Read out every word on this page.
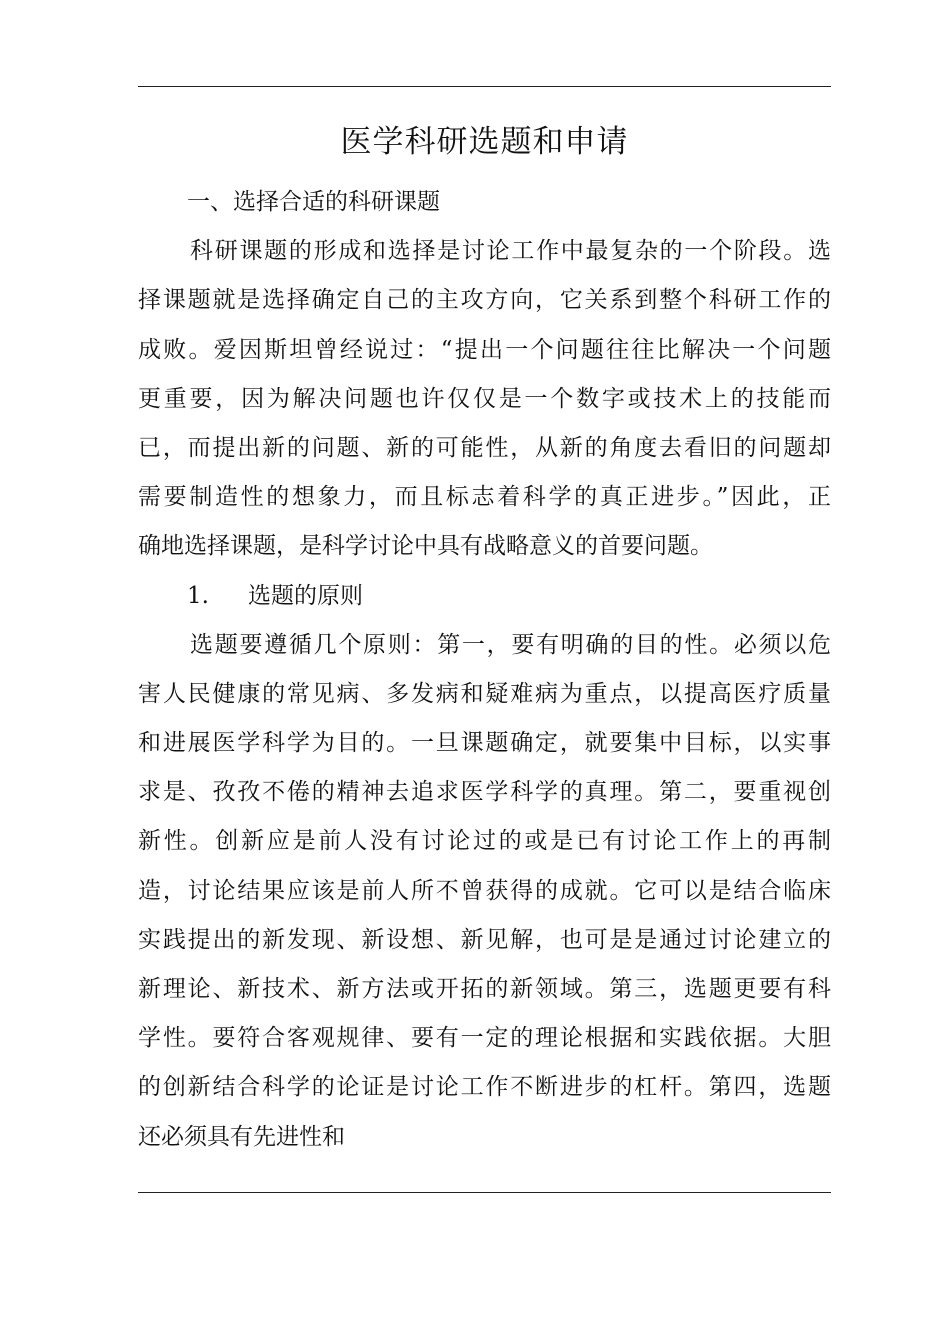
医学科研选题和申请
一、选择合适的科研课题
科研课题的形成和选择是讨论工作中最复杂的一个阶段。选
择课题就是选择确定自己的主攻方向，它关系到整个科研工作的
成败。爱因斯坦曾经说过：“提出一个问题往往比解决一个问题
更重要，因为解决问题也许仅仅是一个数字或技术上的技能而
已，而提出新的问题、新的可能性，从新的角度去看旧的问题却
需要制造性的想象力，而且标志着科学的真正进步。”因此，正
确地选择课题，是科学讨论中具有战略意义的首要问题。
1. 选题的原则
选题要遵循几个原则：第一，要有明确的目的性。必须以危
害人民健康的常见病、多发病和疑难病为重点，以提高医疗质量
和进展医学科学为目的。一旦课题确定，就要集中目标，以实事
求是、孜孜不倦的精神去追求医学科学的真理。第二，要重视创
新性。创新应是前人没有讨论过的或是已有讨论工作上的再制
造，讨论结果应该是前人所不曾获得的成就。它可以是结合临床
实践提出的新发现、新设想、新见解，也可是是通过讨论建立的
新理论、新技术、新方法或开拓的新领域。第三，选题更要有科
学性。要符合客观规律、要有一定的理论根据和实践依据。大胆
的创新结合科学的论证是讨论工作不断进步的杠杆。第四，选题
还必须具有先进性和
